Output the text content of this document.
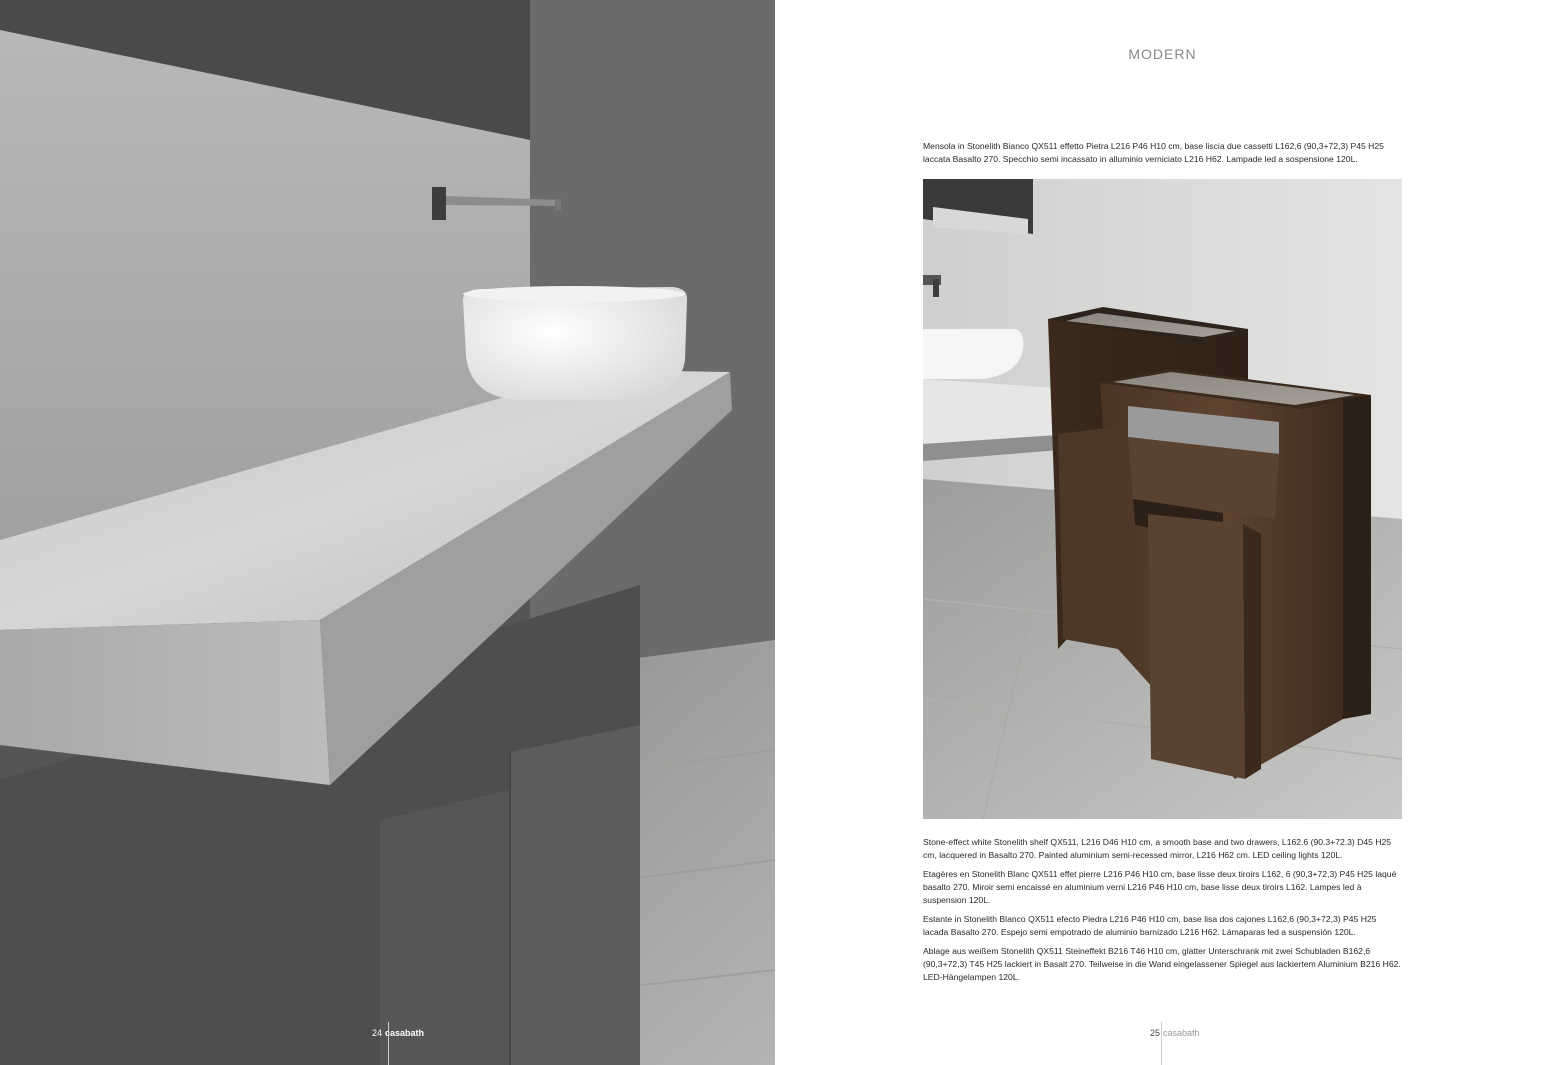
24 casabath
MODERN

Mensola in Stonelith Bianco QX511 effetto Pietra L216 P46 H10 cm, base liscia due cassetti L162,6 (90,3+72,3) P45 H25 laccata Basalto 270. Specchio semi incassato in alluminio verniciato L216 H62. Lampade led a sospensione 120L.

Stone-effect white Stonelith shelf QX511, L216 D46 H10 cm, a smooth base and two drawers, L162.6 (90.3+72.3) D45 H25 cm, lacquered in Basalto 270. Painted aluminium semi-recessed mirror, L216 H62 cm. LED ceiling lights 120L.

Etagères en Stonelith Blanc QX511 effet pierre L216 P46 H10 cm, base lisse deux tiroirs L162, 6 (90,3+72,3) P45 H25 laqué basalto 270. Miroir semi encaissé en aluminium verni L216 P46 H10 cm, base lisse deux tiroirs L162. Lampes led à suspension 120L.

Estante in Stonelith Blanco QX511 efecto Piedra L216 P46 H10 cm, base lisa dos cajones L162,6 (90,3+72,3) P45 H25 lacada Basalto 270. Espejo semi empotrado de aluminio barnizado L216 H62. Lámaparas led a suspensión 120L.

Ablage aus weißem Stonelith QX511 Steineffekt B216 T46 H10 cm, glatter Unterschrank mit zwei Schubladen B162,6 (90,3+72,3) T45 H25 lackiert in Basalt 270. Teilweise in die Wand eingelassener Spiegel aus lackiertem Aluminium B216 H62. LED-Hängelampen 120L.

25 casabath
